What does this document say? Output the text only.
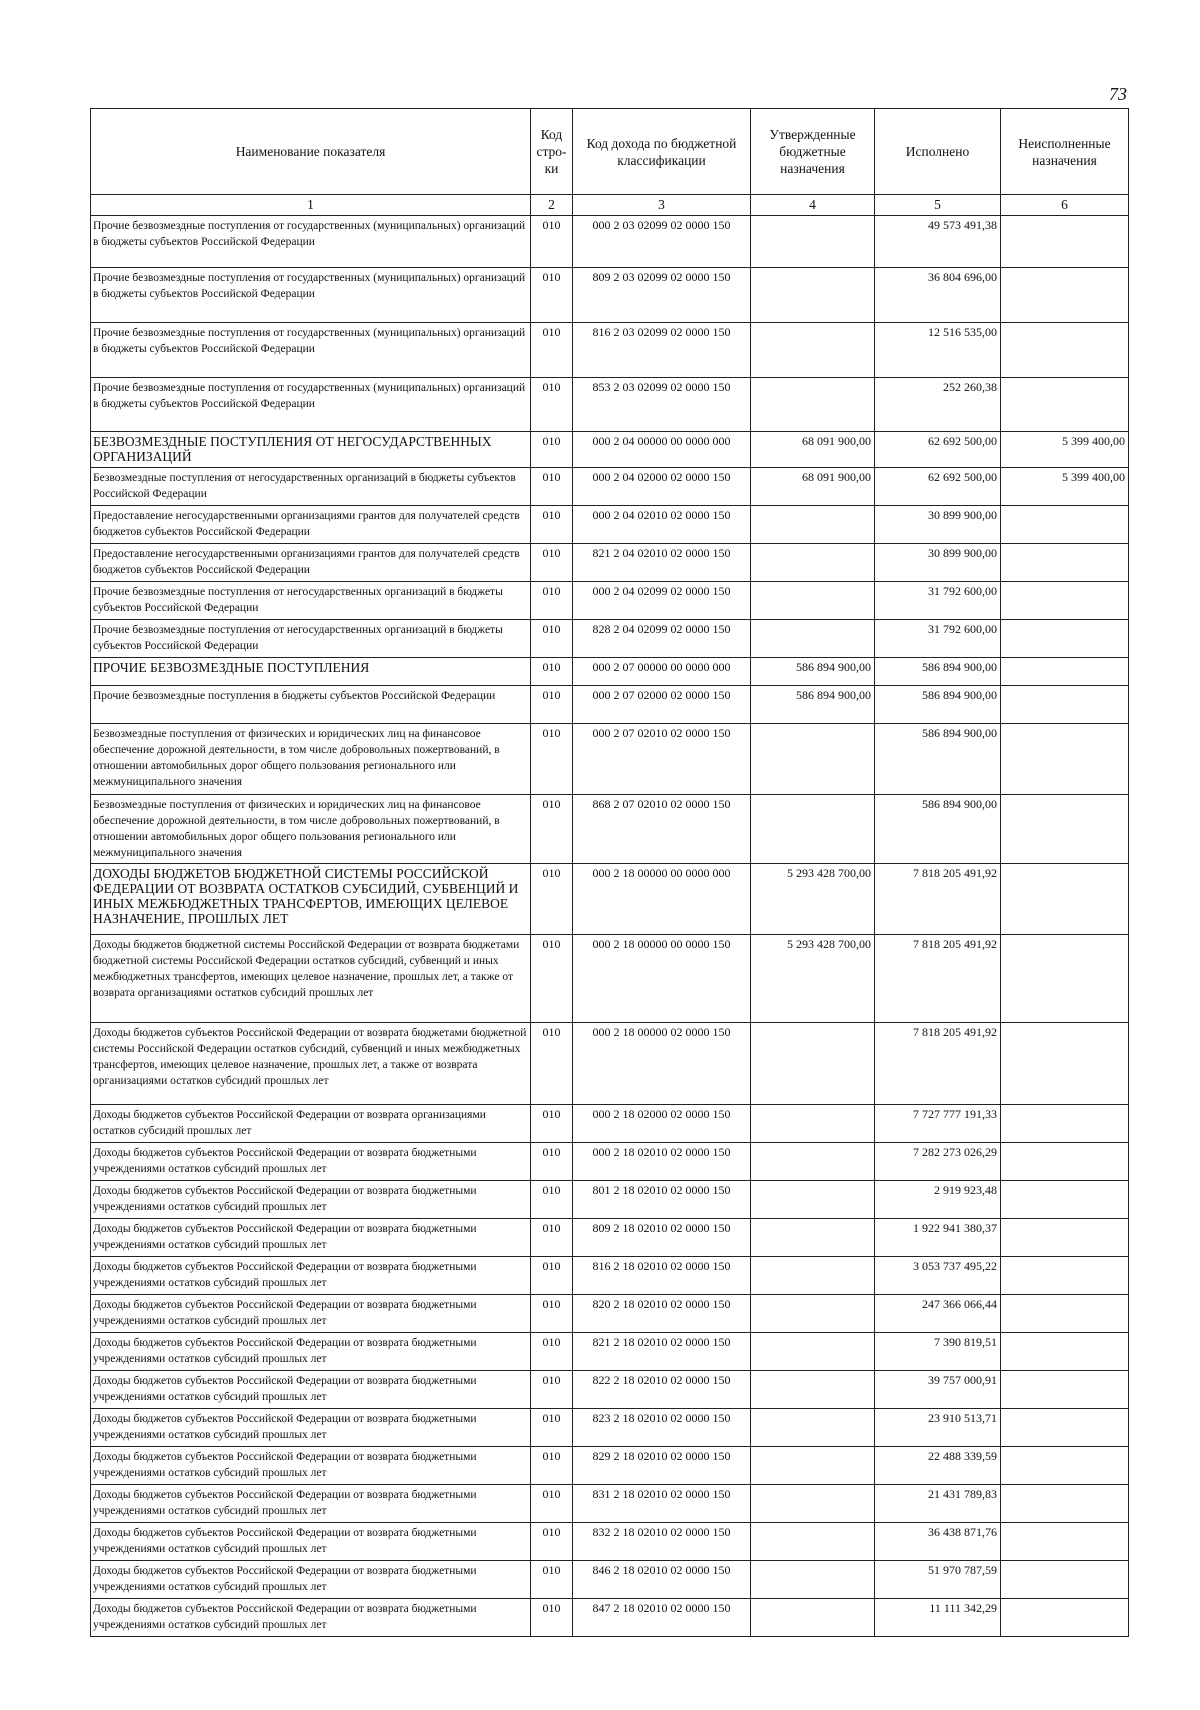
73
Наименование показателя	Код стро-ки	Код дохода по бюджетной классификации	Утвержденные бюджетные назначения	Исполнено	Неисполненные назначения
1	2	3	4	5	6
Прочие безвозмездные поступления от государственных (муниципальных) организаций в бюджеты субъектов Российской Федерации	010	000 2 03 02099 02 0000 150		49 573 491,38	
Прочие безвозмездные поступления от государственных (муниципальных) организаций в бюджеты субъектов Российской Федерации	010	809 2 03 02099 02 0000 150		36 804 696,00	
Прочие безвозмездные поступления от государственных (муниципальных) организаций в бюджеты субъектов Российской Федерации	010	816 2 03 02099 02 0000 150		12 516 535,00	
Прочие безвозмездные поступления от государственных (муниципальных) организаций в бюджеты субъектов Российской Федерации	010	853 2 03 02099 02 0000 150		252 260,38	
БЕЗВОЗМЕЗДНЫЕ ПОСТУПЛЕНИЯ ОТ НЕГОСУДАРСТВЕННЫХ ОРГАНИЗАЦИЙ	010	000 2 04 00000 00 0000 000	68 091 900,00	62 692 500,00	5 399 400,00
Безвозмездные поступления от негосударственных организаций в бюджеты субъектов Российской Федерации	010	000 2 04 02000 02 0000 150	68 091 900,00	62 692 500,00	5 399 400,00
Предоставление негосударственными организациями грантов для получателей средств бюджетов субъектов Российской Федерации	010	000 2 04 02010 02 0000 150		30 899 900,00	
Предоставление негосударственными организациями грантов для получателей средств бюджетов субъектов Российской Федерации	010	821 2 04 02010 02 0000 150		30 899 900,00	
Прочие безвозмездные поступления от негосударственных организаций в бюджеты субъектов Российской Федерации	010	000 2 04 02099 02 0000 150		31 792 600,00	
Прочие безвозмездные поступления от негосударственных организаций в бюджеты субъектов Российской Федерации	010	828 2 04 02099 02 0000 150		31 792 600,00	
ПРОЧИЕ БЕЗВОЗМЕЗДНЫЕ ПОСТУПЛЕНИЯ	010	000 2 07 00000 00 0000 000	586 894 900,00	586 894 900,00	
Прочие безвозмездные поступления в бюджеты субъектов Российской Федерации	010	000 2 07 02000 02 0000 150	586 894 900,00	586 894 900,00	
Безвозмездные поступления от физических и юридических лиц на финансовое обеспечение дорожной деятельности, в том числе добровольных пожертвований, в отношении автомобильных дорог общего пользования регионального или межмуниципального значения	010	000 2 07 02010 02 0000 150		586 894 900,00	
Безвозмездные поступления от физических и юридических лиц на финансовое обеспечение дорожной деятельности, в том числе добровольных пожертвований, в отношении автомобильных дорог общего пользования регионального или межмуниципального значения	010	868 2 07 02010 02 0000 150		586 894 900,00	
ДОХОДЫ БЮДЖЕТОВ БЮДЖЕТНОЙ СИСТЕМЫ РОССИЙСКОЙ ФЕДЕРАЦИИ ОТ ВОЗВРАТА ОСТАТКОВ СУБСИДИЙ, СУБВЕНЦИЙ И ИНЫХ МЕЖБЮДЖЕТНЫХ ТРАНСФЕРТОВ, ИМЕЮЩИХ ЦЕЛЕВОЕ НАЗНАЧЕНИЕ, ПРОШЛЫХ ЛЕТ	010	000 2 18 00000 00 0000 000	5 293 428 700,00	7 818 205 491,92	
Доходы бюджетов бюджетной системы Российской Федерации от возврата бюджетами бюджетной системы Российской Федерации остатков субсидий, субвенций и иных межбюджетных трансфертов, имеющих целевое назначение, прошлых лет, а также от возврата организациями остатков субсидий прошлых лет	010	000 2 18 00000 00 0000 150	5 293 428 700,00	7 818 205 491,92	
Доходы бюджетов субъектов Российской Федерации от возврата бюджетами бюджетной системы Российской Федерации остатков субсидий, субвенций и иных межбюджетных трансфертов, имеющих целевое назначение, прошлых лет, а также от возврата организациями остатков субсидий прошлых лет	010	000 2 18 00000 02 0000 150		7 818 205 491,92	
Доходы бюджетов субъектов Российской Федерации от возврата организациями остатков субсидий прошлых лет	010	000 2 18 02000 02 0000 150		7 727 777 191,33	
Доходы бюджетов субъектов Российской Федерации от возврата бюджетными учреждениями остатков субсидий прошлых лет	010	000 2 18 02010 02 0000 150		7 282 273 026,29	
Доходы бюджетов субъектов Российской Федерации от возврата бюджетными учреждениями остатков субсидий прошлых лет	010	801 2 18 02010 02 0000 150		2 919 923,48	
Доходы бюджетов субъектов Российской Федерации от возврата бюджетными учреждениями остатков субсидий прошлых лет	010	809 2 18 02010 02 0000 150		1 922 941 380,37	
Доходы бюджетов субъектов Российской Федерации от возврата бюджетными учреждениями остатков субсидий прошлых лет	010	816 2 18 02010 02 0000 150		3 053 737 495,22	
Доходы бюджетов субъектов Российской Федерации от возврата бюджетными учреждениями остатков субсидий прошлых лет	010	820 2 18 02010 02 0000 150		247 366 066,44	
Доходы бюджетов субъектов Российской Федерации от возврата бюджетными учреждениями остатков субсидий прошлых лет	010	821 2 18 02010 02 0000 150		7 390 819,51	
Доходы бюджетов субъектов Российской Федерации от возврата бюджетными учреждениями остатков субсидий прошлых лет	010	822 2 18 02010 02 0000 150		39 757 000,91	
Доходы бюджетов субъектов Российской Федерации от возврата бюджетными учреждениями остатков субсидий прошлых лет	010	823 2 18 02010 02 0000 150		23 910 513,71	
Доходы бюджетов субъектов Российской Федерации от возврата бюджетными учреждениями остатков субсидий прошлых лет	010	829 2 18 02010 02 0000 150		22 488 339,59	
Доходы бюджетов субъектов Российской Федерации от возврата бюджетными учреждениями остатков субсидий прошлых лет	010	831 2 18 02010 02 0000 150		21 431 789,83	
Доходы бюджетов субъектов Российской Федерации от возврата бюджетными учреждениями остатков субсидий прошлых лет	010	832 2 18 02010 02 0000 150		36 438 871,76	
Доходы бюджетов субъектов Российской Федерации от возврата бюджетными учреждениями остатков субсидий прошлых лет	010	846 2 18 02010 02 0000 150		51 970 787,59	
Доходы бюджетов субъектов Российской Федерации от возврата бюджетными учреждениями остатков субсидий прошлых лет	010	847 2 18 02010 02 0000 150		11 111 342,29	
